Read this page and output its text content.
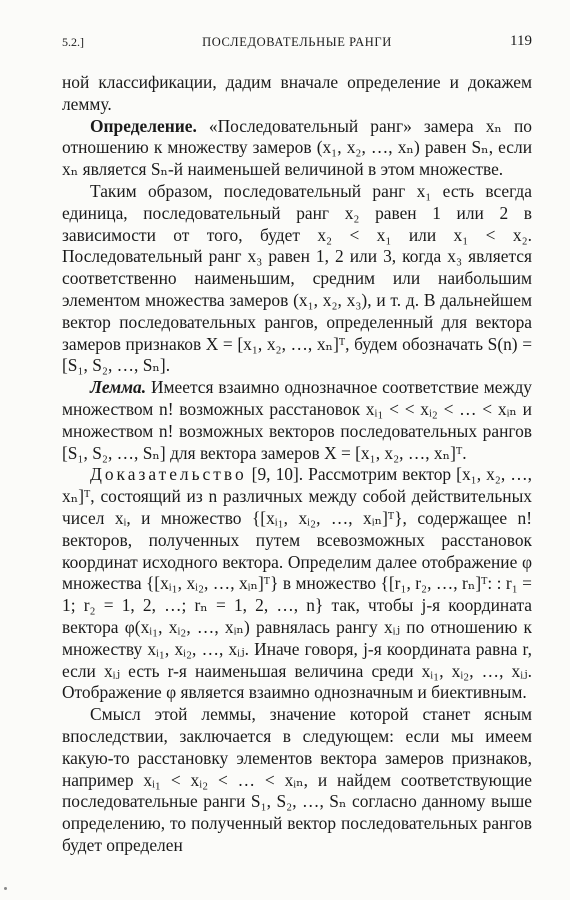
5.2.]	ПОСЛЕДОВАТЕЛЬНЫЕ РАНГИ	119

ной классификации, дадим вначале определение и докажем лемму.

Определение. «Последовательный ранг» замера xₙ по отношению к множеству замеров (x₁, x₂, …, xₙ) равен Sₙ, если xₙ является Sₙ-й наименьшей величиной в этом множестве.

Таким образом, последовательный ранг x₁ есть всегда единица, последовательный ранг x₂ равен 1 или 2 в зависимости от того, будет x₂ < x₁ или x₁ < x₂. Последовательный ранг x₃ равен 1, 2 или 3, когда x₃ является соответственно наименьшим, средним или наибольшим элементом множества замеров (x₁, x₂, x₃), и т. д. В дальнейшем вектор последовательных рангов, определенный для вектора замеров признаков X = [x₁, x₂, …, xₙ]ᵀ, будем обозначать S(n) = [S₁, S₂, …, Sₙ].

Лемма. Имеется взаимно однозначное соответствие между множеством n! возможных расстановок xᵢ₁ < < xᵢ₂ < … < xᵢₙ и множеством n! возможных векторов последовательных рангов [S₁, S₂, …, Sₙ] для вектора замеров X = [x₁, x₂, …, xₙ]ᵀ.

Доказательство [9, 10]. Рассмотрим вектор [x₁, x₂, …, xₙ]ᵀ, состоящий из n различных между собой действительных чисел xᵢ, и множество {[xᵢ₁, xᵢ₂, …, xᵢₙ]ᵀ}, содержащее n! векторов, полученных путем всевозможных расстановок координат исходного вектора. Определим далее отображение φ множества {[xᵢ₁, xᵢ₂, …, xᵢₙ]ᵀ} в множество {[r₁, r₂, …, rₙ]ᵀ: : r₁ = 1; r₂ = 1, 2, …; rₙ = 1, 2, …, n} так, чтобы j-я координата вектора φ(xᵢ₁, xᵢ₂, …, xᵢₙ) равнялась рангу xᵢⱼ по отношению к множеству xᵢ₁, xᵢ₂, …, xᵢⱼ. Иначе говоря, j-я координата равна r, если xᵢⱼ есть r-я наименьшая величина среди xᵢ₁, xᵢ₂, …, xᵢⱼ. Отображение φ является взаимно однозначным и биективным.

Смысл этой леммы, значение которой станет ясным впоследствии, заключается в следующем: если мы имеем какую-то расстановку элементов вектора замеров признаков, например xᵢ₁ < xᵢ₂ < … < xᵢₙ, и найдем соответствующие последовательные ранги S₁, S₂, …, Sₙ согласно данному выше определению, то полученный вектор последовательных рангов будет определен
